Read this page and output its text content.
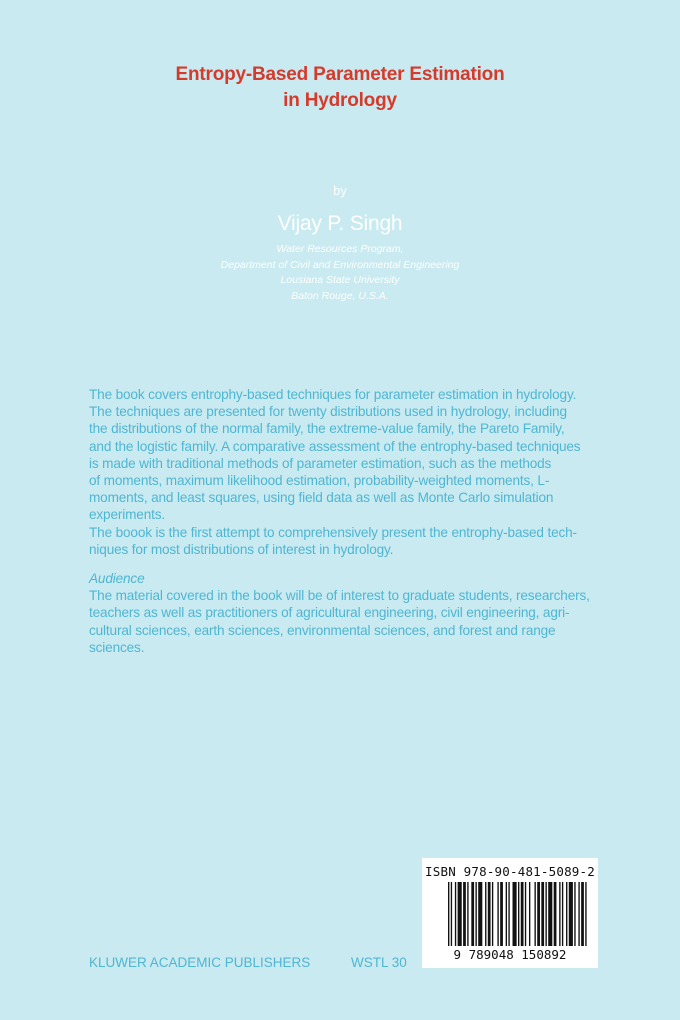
Entropy-Based Parameter Estimation
in Hydrology
by
Vijay P. Singh
Water Resources Program,
Department of Civil and Environmental Engineering
Lousiana State University
Baton Rouge, U.S.A.

The book covers entrophy-based techniques for parameter estimation in hydrology.

The techniques are presented for twenty distributions used in hydrology, including

the distributions of the normal family, the extreme-value family, the Pareto Family,

and the logistic family. A comparative assessment of the entrophy-based techniques

is made with traditional methods of parameter estimation, such as the methods

of moments, maximum likelihood estimation, probability-weighted moments, L-

moments, and least squares, using field data as well as Monte Carlo simulation

experiments.

The boook is the first attempt to comprehensively present the entrophy-based tech-

niques for most distributions of interest in hydrology.

Audience

The material covered in the book will be of interest to graduate students, researchers,

teachers as well as practitioners of agricultural engineering, civil engineering, agri-

cultural sciences, earth sciences, environmental sciences, and forest and range

sciences.

ISBN 978-90-481-5089-2
9 789048 150892
KLUWER ACADEMIC PUBLISHERS	WSTL 30
